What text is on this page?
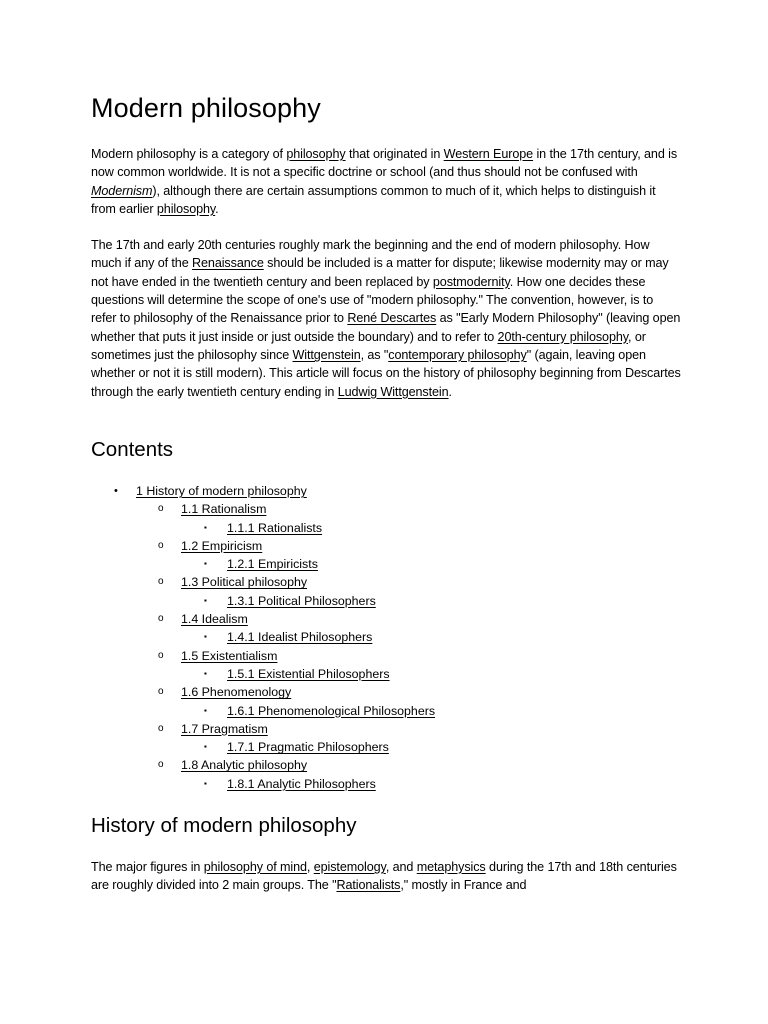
Modern philosophy

Modern philosophy is a category of philosophy that originated in Western Europe in the 17th century, and is now common worldwide. It is not a specific doctrine or school (and thus should not be confused with Modernism), although there are certain assumptions common to much of it, which helps to distinguish it from earlier philosophy.

The 17th and early 20th centuries roughly mark the beginning and the end of modern philosophy. How much if any of the Renaissance should be included is a matter for dispute; likewise modernity may or may not have ended in the twentieth century and been replaced by postmodernity. How one decides these questions will determine the scope of one's use of "modern philosophy." The convention, however, is to refer to philosophy of the Renaissance prior to René Descartes as "Early Modern Philosophy" (leaving open whether that puts it just inside or just outside the boundary) and to refer to 20th-century philosophy, or sometimes just the philosophy since Wittgenstein, as "contemporary philosophy" (again, leaving open whether or not it is still modern). This article will focus on the history of philosophy beginning from Descartes through the early twentieth century ending in Ludwig Wittgenstein.

Contents
• 1 History of modern philosophy
o 1.1 Rationalism
▪ 1.1.1 Rationalists
o 1.2 Empiricism
▪ 1.2.1 Empiricists
o 1.3 Political philosophy
▪ 1.3.1 Political Philosophers
o 1.4 Idealism
▪ 1.4.1 Idealist Philosophers
o 1.5 Existentialism
▪ 1.5.1 Existential Philosophers
o 1.6 Phenomenology
▪ 1.6.1 Phenomenological Philosophers
o 1.7 Pragmatism
▪ 1.7.1 Pragmatic Philosophers
o 1.8 Analytic philosophy
▪ 1.8.1 Analytic Philosophers
History of modern philosophy

The major figures in philosophy of mind, epistemology, and metaphysics during the 17th and 18th centuries are roughly divided into 2 main groups. The "Rationalists," mostly in France and
